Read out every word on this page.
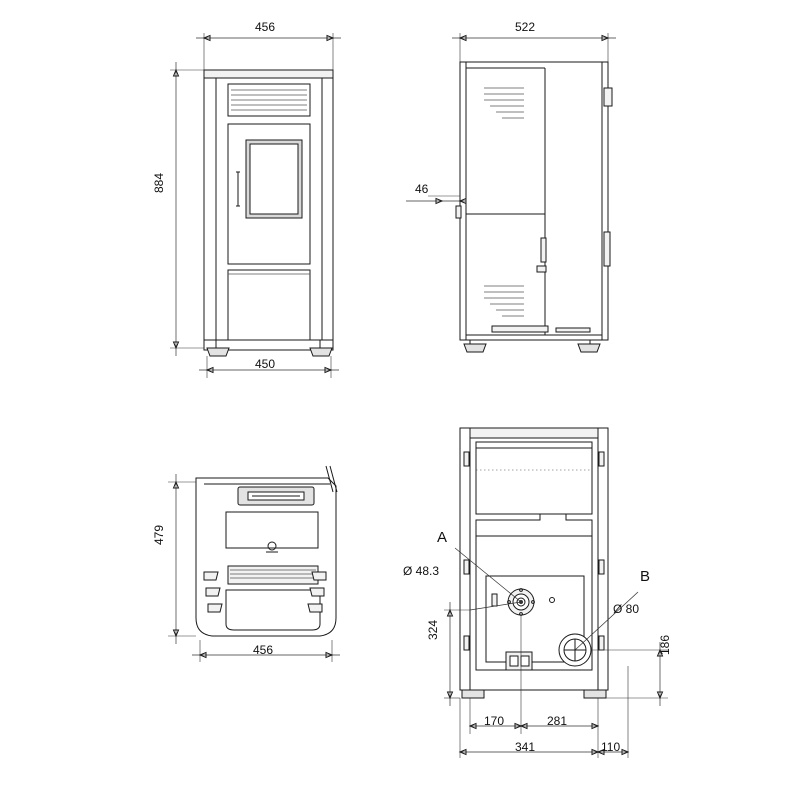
456
884
450
522
46
479
456
A
B
Ø 48.3
Ø 80
324
186
170	281
341	110
